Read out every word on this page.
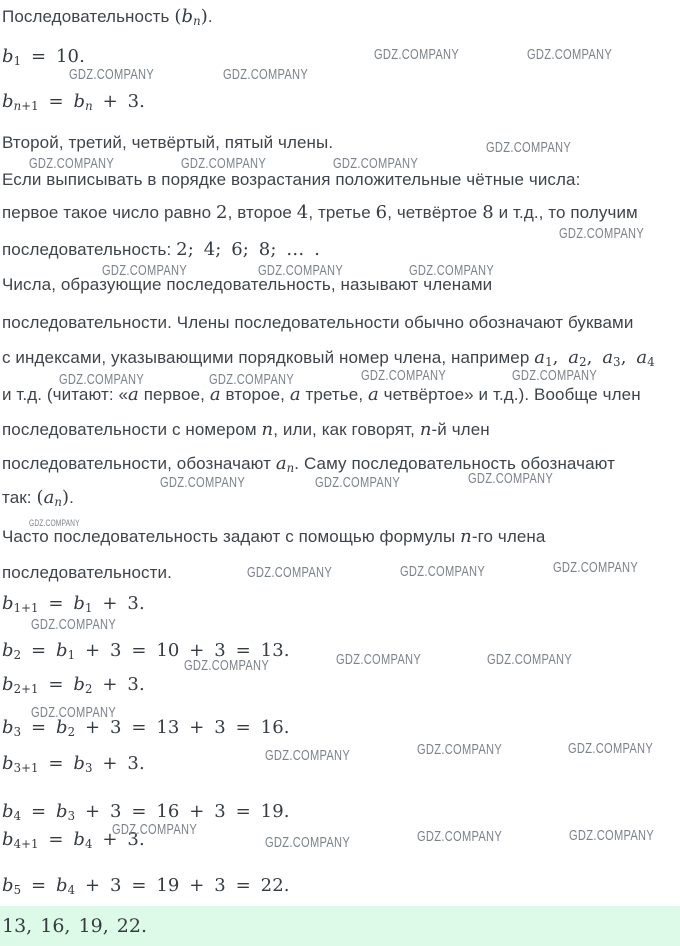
Последовательность $(b_n)$.
$b_1 = 10$.
$b_{n+1} = b_n + 3$.
Второй, третий, четвёртый, пятый члены.
Если выписывать в порядке возрастания положительные чётные числа:
первое такое число равно 2, второе 4, третье 6, четвёртое 8 и т.д., то получим
последовательность: 2; 4; 6; 8; … .
Числа, образующие последовательность, называют членами
последовательности. Члены последовательности обычно обозначают буквами
с индексами, указывающими порядковый номер члена, например $a_1$, $a_2$, $a_3$, $a_4$
и т.д. (читают: «a первое, a второе, a третье, a четвёртое» и т.д.). Вообще член
последовательности с номером n, или, как говорят, n-й член
последовательности, обозначают $a_n$. Саму последовательность обозначают
так: $(a_n)$.
Часто последовательность задают с помощью формулы n-го члена
последовательности.
$b_{1+1} = b_1 + 3$.
$b_2 = b_1 + 3 = 10 + 3 = 13$.
$b_{2+1} = b_2 + 3$.
$b_3 = b_2 + 3 = 13 + 3 = 16$.
$b_{3+1} = b_3 + 3$.
$b_4 = b_3 + 3 = 16 + 3 = 19$.
$b_{4+1} = b_4 + 3$.
$b_5 = b_4 + 3 = 19 + 3 = 22$.
GDZ.COMPANY	GDZ.COMPANY
GDZ.COMPANY	GDZ.COMPANY
GDZ.COMPANY
GDZ.COMPANY	GDZ.COMPANY	GDZ.COMPANY
GDZ.COMPANY
GDZ.COMPANY	GDZ.COMPANY	GDZ.COMPANY
GDZ.COMPANY	GDZ.COMPANY	GDZ.COMPANY	GDZ.COMPANY
GDZ.COMPANY	GDZ.COMPANY	GDZ.COMPANY
GDZ.COMPANY
GDZ.COMPANY	GDZ.COMPANY	GDZ.COMPANY
GDZ.COMPANY
GDZ.COMPANY	GDZ.COMPANY	GDZ.COMPANY
GDZ.COMPANY
GDZ.COMPANY	GDZ.COMPANY	GDZ.COMPANY
GDZ.COMPANY
GDZ.COMPANY	GDZ.COMPANY	GDZ.COMPANY
13, 16, 19, 22.
